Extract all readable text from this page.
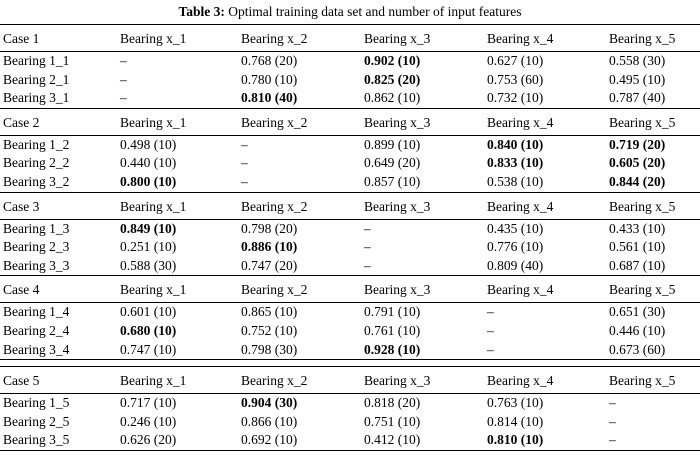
Table 3: Optimal training data set and number of input features
Case 1	Bearing x_1	Bearing x_2	Bearing x_3	Bearing x_4	Bearing x_5
Bearing 1_1	–	0.768 (20)	0.902 (10)	0.627 (10)	0.558 (30)
Bearing 2_1	–	0.780 (10)	0.825 (20)	0.753 (60)	0.495 (10)
Bearing 3_1	–	0.810 (40)	0.862 (10)	0.732 (10)	0.787 (40)
Case 2	Bearing x_1	Bearing x_2	Bearing x_3	Bearing x_4	Bearing x_5
Bearing 1_2	0.498 (10)	–	0.899 (10)	0.840 (10)	0.719 (20)
Bearing 2_2	0.440 (10)	–	0.649 (20)	0.833 (10)	0.605 (20)
Bearing 3_2	0.800 (10)	–	0.857 (10)	0.538 (10)	0.844 (20)
Case 3	Bearing x_1	Bearing x_2	Bearing x_3	Bearing x_4	Bearing x_5
Bearing 1_3	0.849 (10)	0.798 (20)	–	0.435 (10)	0.433 (10)
Bearing 2_3	0.251 (10)	0.886 (10)	–	0.776 (10)	0.561 (10)
Bearing 3_3	0.588 (30)	0.747 (20)	–	0.809 (40)	0.687 (10)
Case 4	Bearing x_1	Bearing x_2	Bearing x_3	Bearing x_4	Bearing x_5
Bearing 1_4	0.601 (10)	0.865 (10)	0.791 (10)	–	0.651 (30)
Bearing 2_4	0.680 (10)	0.752 (10)	0.761 (10)	–	0.446 (10)
Bearing 3_4	0.747 (10)	0.798 (30)	0.928 (10)	–	0.673 (60)
Case 5	Bearing x_1	Bearing x_2	Bearing x_3	Bearing x_4	Bearing x_5
Bearing 1_5	0.717 (10)	0.904 (30)	0.818 (20)	0.763 (10)	–
Bearing 2_5	0.246 (10)	0.866 (10)	0.751 (10)	0.814 (10)	–
Bearing 3_5	0.626 (20)	0.692 (10)	0.412 (10)	0.810 (10)	–
